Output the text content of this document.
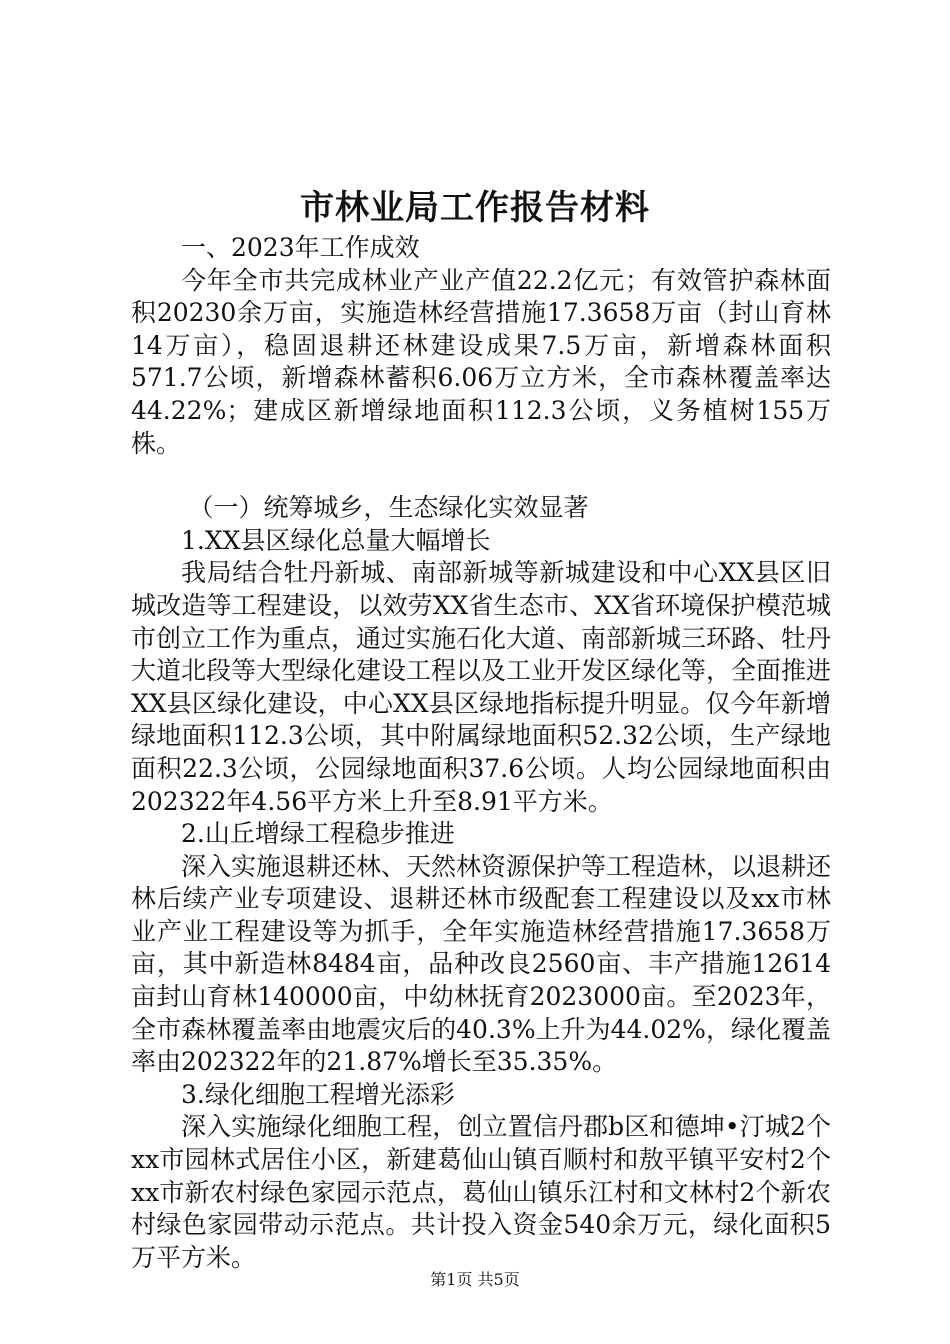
市林业局工作报告材料

一、2023年工作成效

今年全市共完成林业产业产值22.2亿元；有效管护森林面积20230余万亩，实施造林经营措施17.3658万亩（封山育林14万亩），稳固退耕还林建设成果7.5万亩，新增森林面积571.7公顷，新增森林蓄积6.06万立方米，全市森林覆盖率达44.22%；建成区新增绿地面积112.3公顷，义务植树155万株。

（一）统筹城乡，生态绿化实效显著

1.XX县区绿化总量大幅增长

我局结合牡丹新城、南部新城等新城建设和中心XX县区旧城改造等工程建设，以效劳XX省生态市、XX省环境保护模范城市创立工作为重点，通过实施石化大道、南部新城三环路、牡丹大道北段等大型绿化建设工程以及工业开发区绿化等，全面推进XX县区绿化建设，中心XX县区绿地指标提升明显。仅今年新增绿地面积112.3公顷，其中附属绿地面积52.32公顷，生产绿地面积22.3公顷，公园绿地面积37.6公顷。人均公园绿地面积由202322年4.56平方米上升至8.91平方米。

2.山丘增绿工程稳步推进

深入实施退耕还林、天然林资源保护等工程造林，以退耕还林后续产业专项建设、退耕还林市级配套工程建设以及xx市林业产业工程建设等为抓手，全年实施造林经营措施17.3658万亩，其中新造林8484亩，品种改良2560亩、丰产措施12614亩封山育林140000亩，中幼林抚育2023000亩。至2023年，全市森林覆盖率由地震灾后的40.3%上升为44.02%，绿化覆盖率由202322年的21.87%增长至35.35%。

3.绿化细胞工程增光添彩

深入实施绿化细胞工程，创立置信丹郡b区和德坤•汀城2个xx市园林式居住小区，新建葛仙山镇百顺村和敖平镇平安村2个xx市新农村绿色家园示范点，葛仙山镇乐江村和文林村2个新农村绿色家园带动示范点。共计投入资金540余万元，绿化面积5万平方米。

第1页 共5页
